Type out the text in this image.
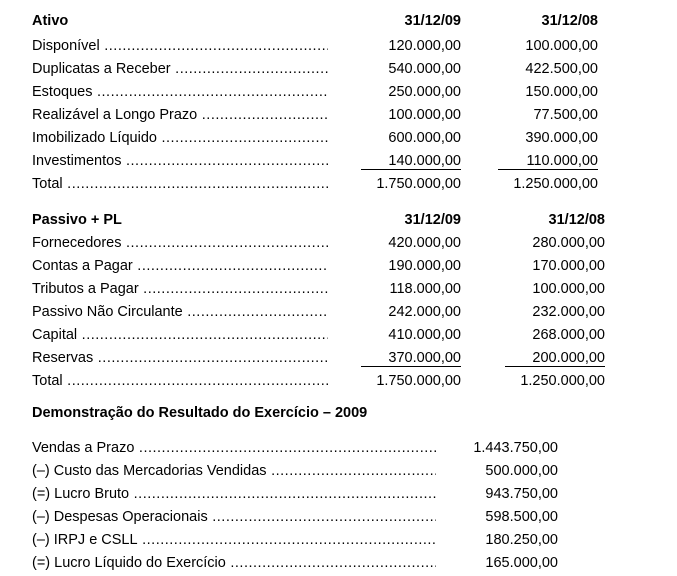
Ativo	31/12/09	31/12/08
Disponível .....	120.000,00	100.000,00
Duplicatas a Receber .....	540.000,00	422.500,00
Estoques .....	250.000,00	150.000,00
Realizável a Longo Prazo .....	100.000,00	77.500,00
Imobilizado Líquido .....	600.000,00	390.000,00
Investimentos .....	140.000,00	110.000,00
Total .....	1.750.000,00	1.250.000,00
Passivo + PL	31/12/09	31/12/08
Fornecedores .....	420.000,00	280.000,00
Contas a Pagar .....	190.000,00	170.000,00
Tributos a Pagar .....	118.000,00	100.000,00
Passivo Não Circulante .....	242.000,00	232.000,00
Capital .....	410.000,00	268.000,00
Reservas .....	370.000,00	200.000,00
Total .....	1.750.000,00	1.250.000,00
Demonstração do Resultado do Exercício – 2009
Vendas a Prazo .....	1.443.750,00
(–) Custo das Mercadorias Vendidas .....	500.000,00
(=) Lucro Bruto .....	943.750,00
(–) Despesas Operacionais .....	598.500,00
(–) IRPJ e CSLL .....	180.250,00
(=) Lucro Líquido do Exercício .....	165.000,00
